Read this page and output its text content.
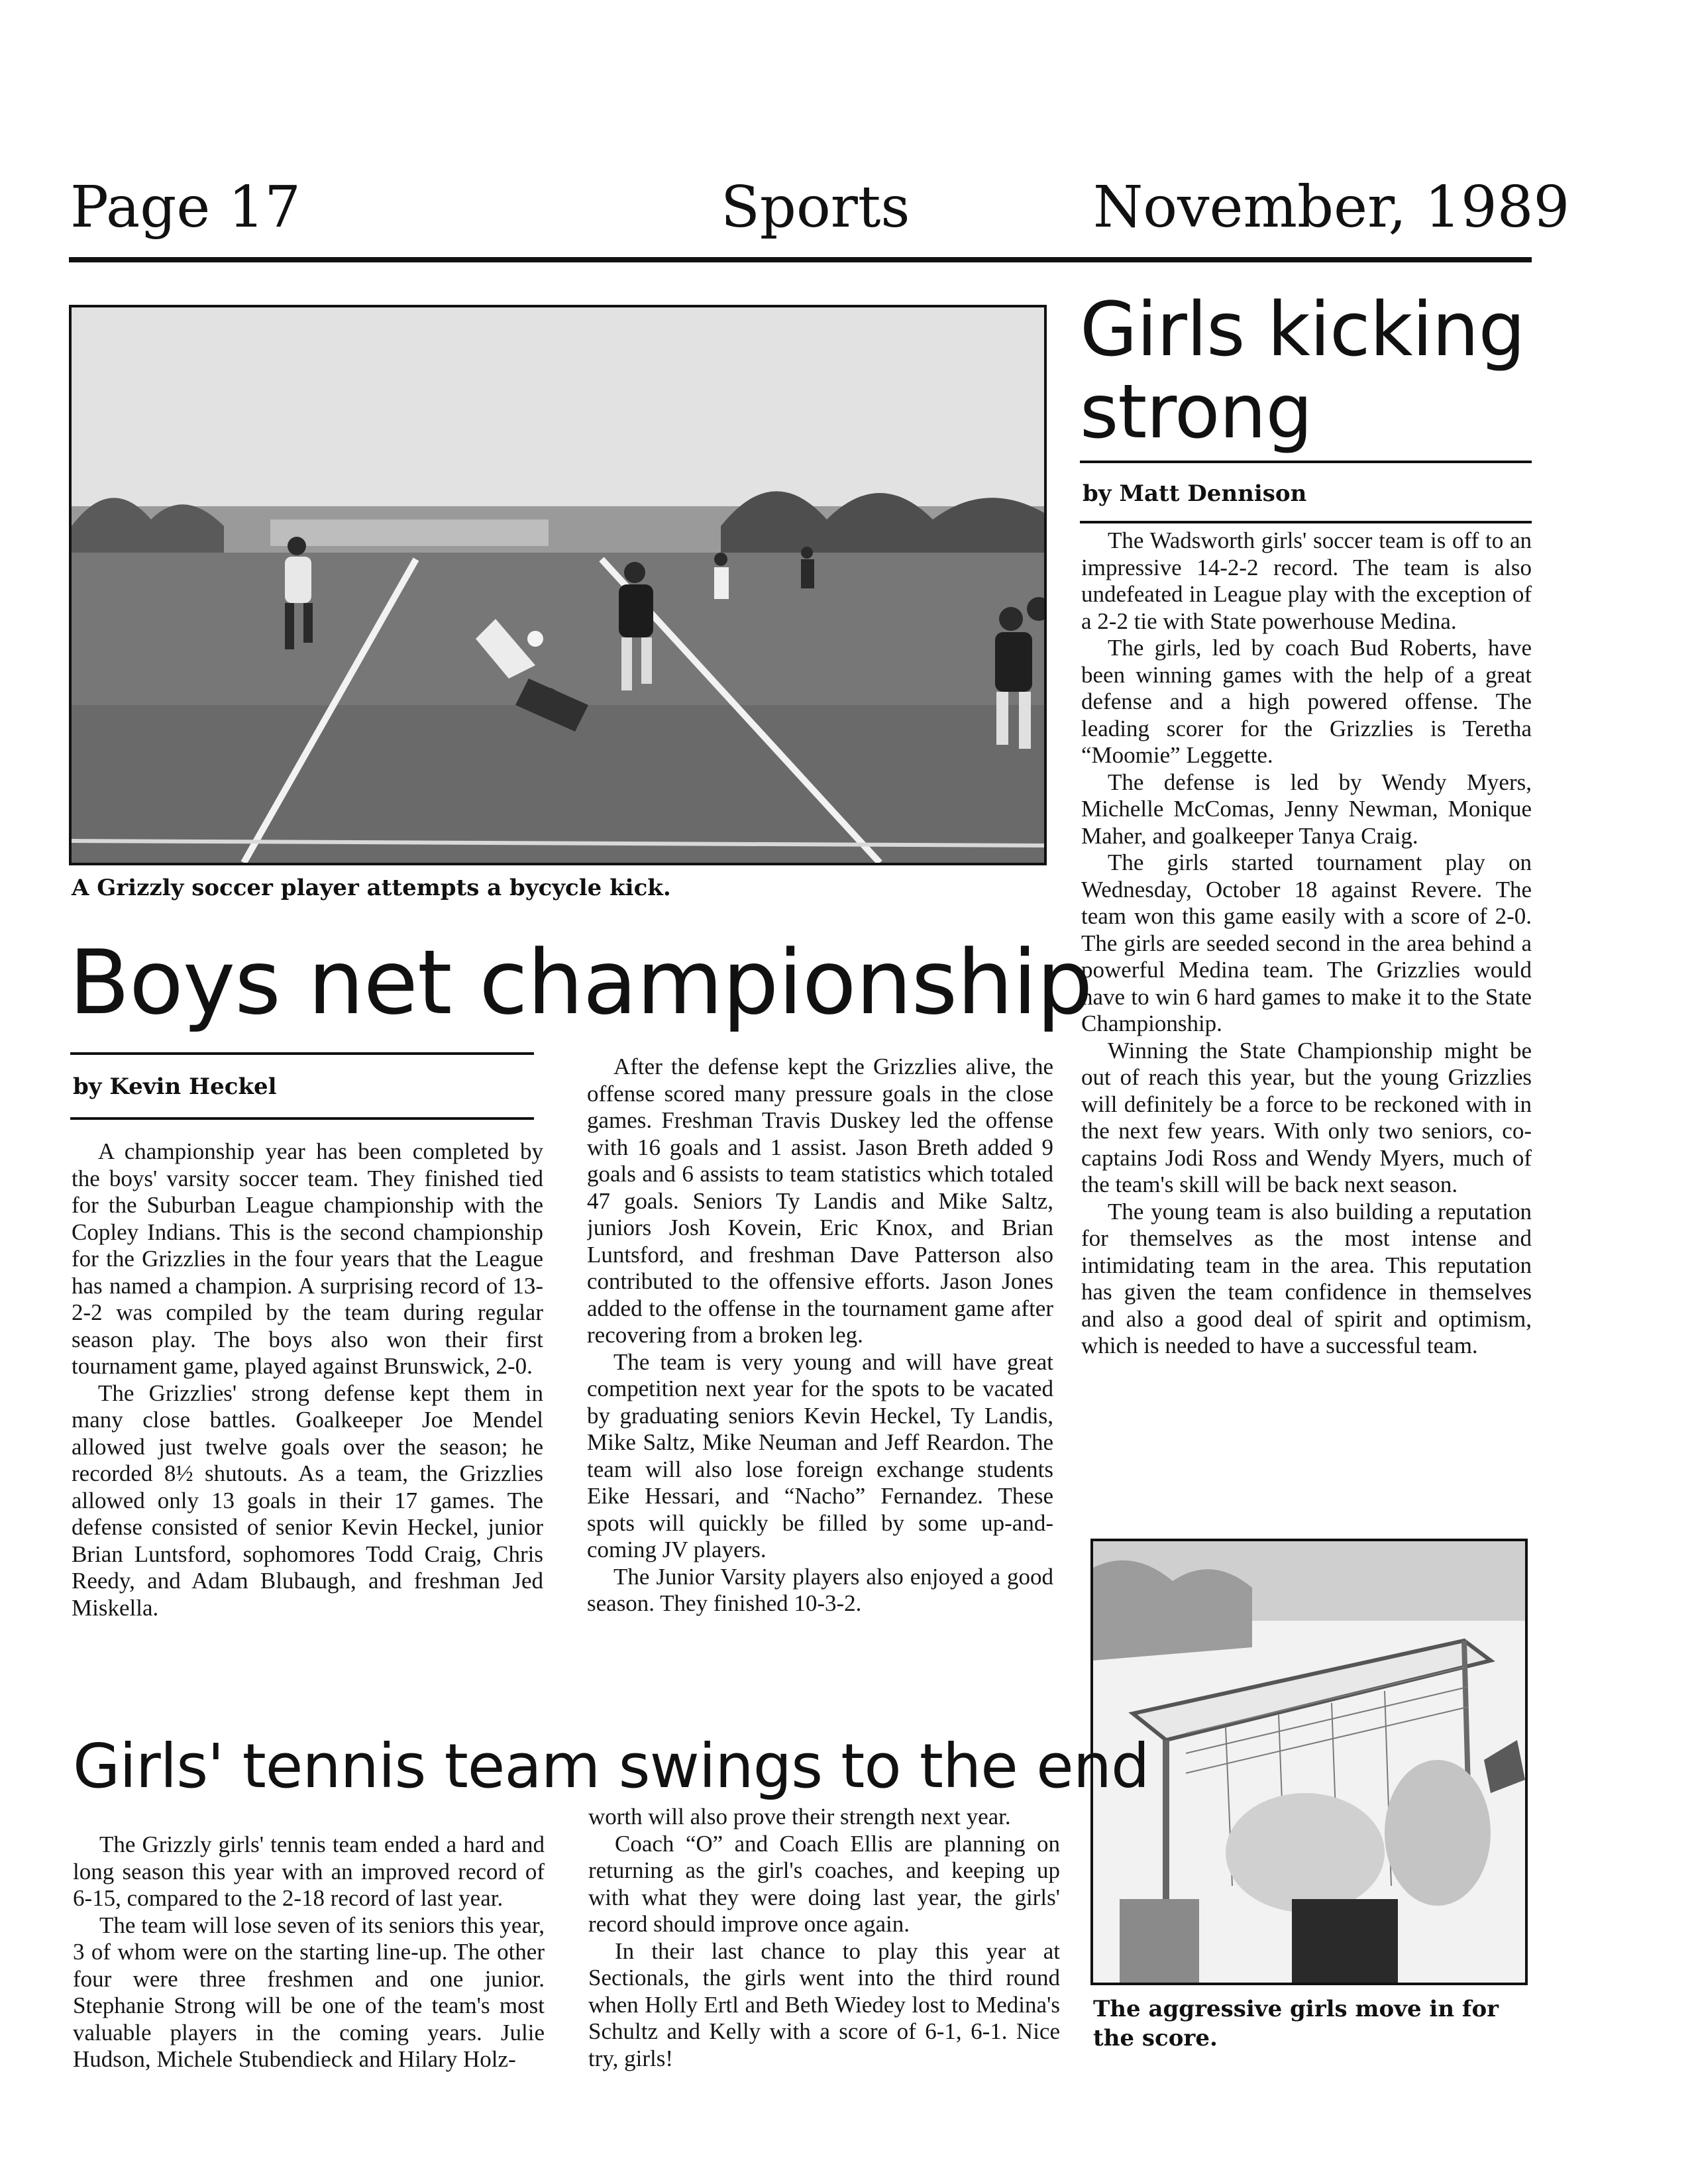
Page 17	Sports	November, 1989
A Grizzly soccer player attempts a bycycle kick.
Girls kicking
strong
by Matt Dennison

The Wadsworth girls' soccer team is off to an impressive 14-2-2 record. The team is also undefeated in League play with the exception of a 2-2 tie with State powerhouse Medina.

The girls, led by coach Bud Roberts, have been winning games with the help of a great defense and a high powered offense. The leading scorer for the Grizzlies is Teretha “Moomie” Leggette.

The defense is led by Wendy Myers, Michelle McComas, Jenny Newman, Monique Maher, and goalkeeper Tanya Craig.

The girls started tournament play on Wednesday, October 18 against Revere. The team won this game easily with a score of 2-0. The girls are seeded second in the area behind a powerful Medina team. The Grizzlies would have to win 6 hard games to make it to the State Championship.

Winning the State Championship might be out of reach this year, but the young Grizzlies will definitely be a force to be reckoned with in the next few years. With only two seniors, co-captains Jodi Ross and Wendy Myers, much of the team's skill will be back next season.

The young team is also building a reputation for themselves as the most intense and intimidating team in the area. This reputation has given the team confidence in themselves and also a good deal of spirit and optimism, which is needed to have a successful team.

The aggressive girls move in for the score.
Boys net championship
by Kevin Heckel

A championship year has been completed by the boys' varsity soccer team. They finished tied for the Suburban League championship with the Copley Indians. This is the second championship for the Grizzlies in the four years that the League has named a champion. A surprising record of 13-2-2 was compiled by the team during regular season play. The boys also won their first tournament game, played against Brunswick, 2-0.

The Grizzlies' strong defense kept them in many close battles. Goalkeeper Joe Mendel allowed just twelve goals over the season; he recorded 8½ shutouts. As a team, the Grizzlies allowed only 13 goals in their 17 games. The defense consisted of senior Kevin Heckel, junior Brian Luntsford, sophomores Todd Craig, Chris Reedy, and Adam Blubaugh, and freshman Jed Miskella.

After the defense kept the Grizzlies alive, the offense scored many pressure goals in the close games. Freshman Travis Duskey led the offense with 16 goals and 1 assist. Jason Breth added 9 goals and 6 assists to team statistics which totaled 47 goals. Seniors Ty Landis and Mike Saltz, juniors Josh Kovein, Eric Knox, and Brian Luntsford, and freshman Dave Patterson also contributed to the offensive efforts. Jason Jones added to the offense in the tournament game after recovering from a broken leg.

The team is very young and will have great competition next year for the spots to be vacated by graduating seniors Kevin Heckel, Ty Landis, Mike Saltz, Mike Neuman and Jeff Reardon. The team will also lose foreign exchange students Eike Hessari, and “Nacho” Fernandez. These spots will quickly be filled by some up-and-coming JV players.

The Junior Varsity players also enjoyed a good season. They finished 10-3-2.

Girls' tennis team swings to the end

The Grizzly girls' tennis team ended a hard and long season this year with an improved record of 6-15, compared to the 2-18 record of last year.

The team will lose seven of its seniors this year, 3 of whom were on the starting line-up. The other four were three freshmen and one junior. Stephanie Strong will be one of the team's most valuable players in the coming years. Julie Hudson, Michele Stubendieck and Hilary Holz-

worth will also prove their strength next year.

Coach “O” and Coach Ellis are planning on returning as the girl's coaches, and keeping up with what they were doing last year, the girls' record should improve once again.

In their last chance to play this year at Sectionals, the girls went into the third round when Holly Ertl and Beth Wiedey lost to Medina's Schultz and Kelly with a score of 6-1, 6-1. Nice try, girls!
